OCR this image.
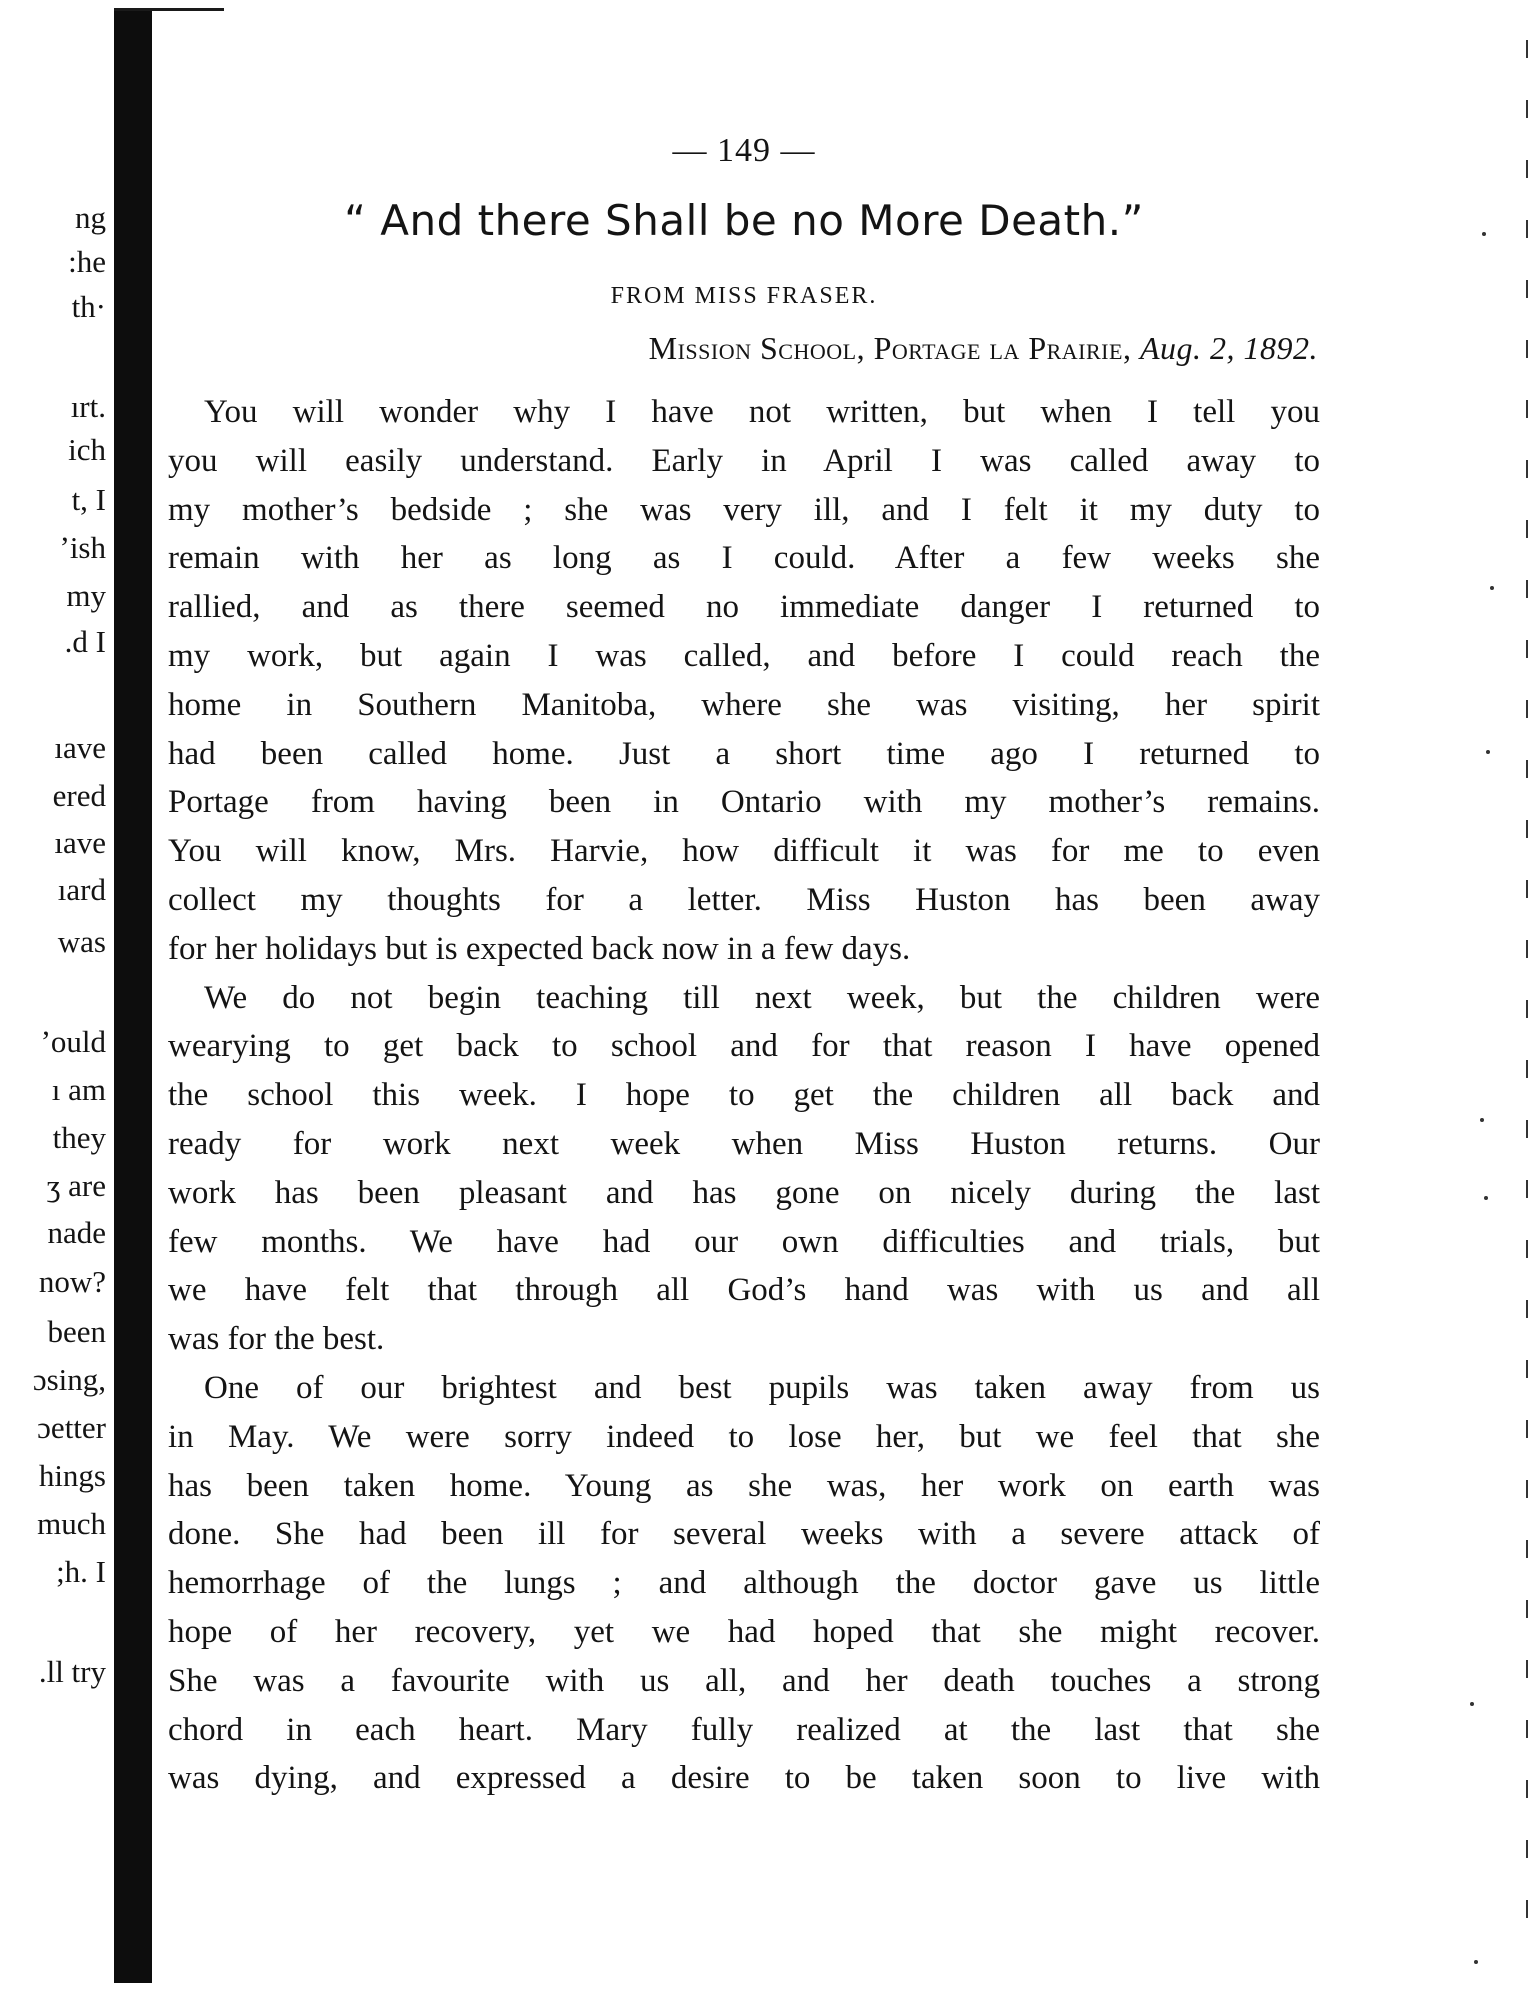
ng
:he
th·
ırt.
ich
t, I
ʼish
my
.d I
ıave
ered
ıave
ıard
was
ʼould
ı am
they
ʒ are
nade
now?
been
ɔsing,
ɔetter
hings
much
;h. I
.ll try
— 149 —
“ And there Shall be no More Death.”
FROM MISS FRASER.
Mission School, Portage la Prairie, Aug. 2, 1892.
You will wonder why I have not written, but when I tell you
you will easily understand. Early in April I was called away to
my mother’s bedside ; she was very ill, and I felt it my duty to
remain with her as long as I could. After a few weeks she
rallied, and as there seemed no immediate danger I returned to
my work, but again I was called, and before I could reach the
home in Southern Manitoba, where she was visiting, her spirit
had been called home. Just a short time ago I returned to
Portage from having been in Ontario with my mother’s remains.
You will know, Mrs. Harvie, how difficult it was for me to even
collect my thoughts for a letter. Miss Huston has been away
for her holidays but is expected back now in a few days.
We do not begin teaching till next week, but the children were
wearying to get back to school and for that reason I have opened
the school this week. I hope to get the children all back and
ready for work next week when Miss Huston returns. Our
work has been pleasant and has gone on nicely during the last
few months. We have had our own difficulties and trials, but
we have felt that through all God’s hand was with us and all
was for the best.
One of our brightest and best pupils was taken away from us
in May. We were sorry indeed to lose her, but we feel that she
has been taken home. Young as she was, her work on earth was
done. She had been ill for several weeks with a severe attack of
hemorrhage of the lungs ; and although the doctor gave us little
hope of her recovery, yet we had hoped that she might recover.
She was a favourite with us all, and her death touches a strong
chord in each heart. Mary fully realized at the last that she
was dying, and expressed a desire to be taken soon to live with
